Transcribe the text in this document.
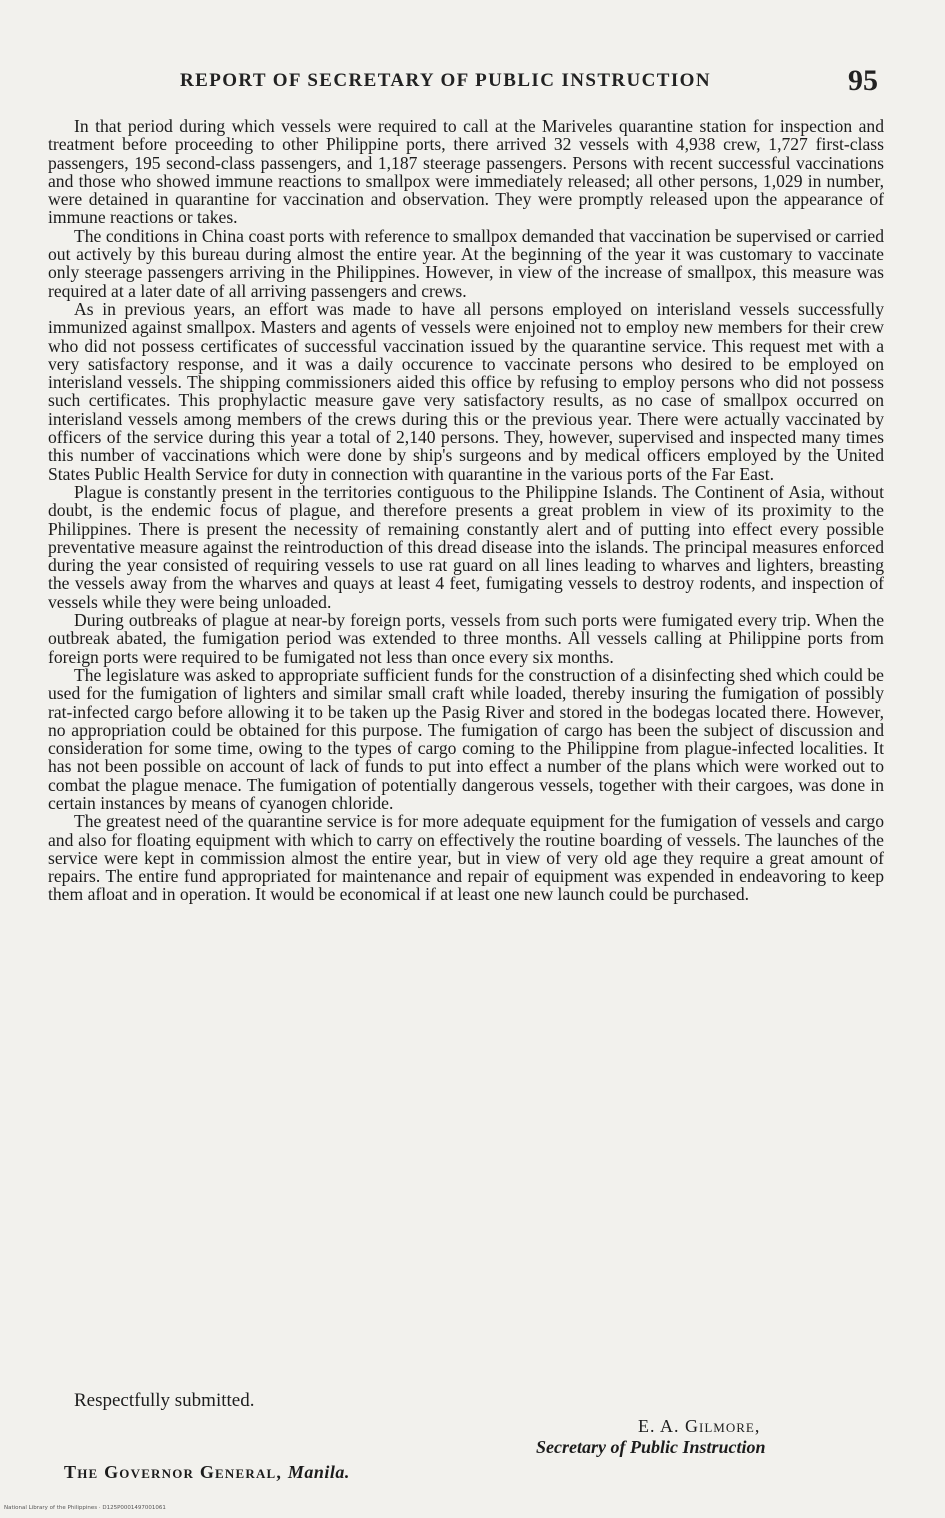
REPORT OF SECRETARY OF PUBLIC INSTRUCTION	95

In that period during which vessels were required to call at the Mariveles quarantine station for inspection and treatment before proceeding to other Philippine ports, there arrived 32 vessels with 4,938 crew, 1,727 first-class passengers, 195 second-class passengers, and 1,187 steerage passengers. Persons with recent successful vaccinations and those who showed immune reactions to smallpox were immediately released; all other persons, 1,029 in number, were detained in quarantine for vaccination and observation. They were promptly released upon the appearance of immune reactions or takes.

The conditions in China coast ports with reference to smallpox demanded that vaccination be supervised or carried out actively by this bureau during almost the entire year. At the beginning of the year it was customary to vaccinate only steerage passengers arriving in the Philippines. However, in view of the increase of smallpox, this measure was required at a later date of all arriving passengers and crews.

As in previous years, an effort was made to have all persons employed on interisland vessels successfully immunized against smallpox. Masters and agents of vessels were enjoined not to employ new members for their crew who did not possess certificates of successful vaccination issued by the quarantine service. This request met with a very satisfactory response, and it was a daily occurence to vaccinate persons who desired to be employed on interisland vessels. The shipping commissioners aided this office by refusing to employ persons who did not possess such certificates. This prophylactic measure gave very satisfactory results, as no case of smallpox occurred on interisland vessels among members of the crews during this or the previous year. There were actually vaccinated by officers of the service during this year a total of 2,140 persons. They, however, supervised and inspected many times this number of vaccinations which were done by ship's surgeons and by medical officers employed by the United States Public Health Service for duty in connection with quarantine in the various ports of the Far East.

Plague is constantly present in the territories contiguous to the Philippine Islands. The Continent of Asia, without doubt, is the endemic focus of plague, and therefore presents a great problem in view of its proximity to the Philippines. There is present the necessity of remaining constantly alert and of putting into effect every possible preventative measure against the reintroduction of this dread disease into the islands. The principal measures enforced during the year consisted of requiring vessels to use rat guard on all lines leading to wharves and lighters, breasting the vessels away from the wharves and quays at least 4 feet, fumigating vessels to destroy rodents, and inspection of vessels while they were being unloaded.

During outbreaks of plague at near-by foreign ports, vessels from such ports were fumigated every trip. When the outbreak abated, the fumigation period was extended to three months. All vessels calling at Philippine ports from foreign ports were required to be fumigated not less than once every six months.

The legislature was asked to appropriate sufficient funds for the construction of a disinfecting shed which could be used for the fumigation of lighters and similar small craft while loaded, thereby insuring the fumigation of possibly rat-infected cargo before allowing it to be taken up the Pasig River and stored in the bodegas located there. However, no appropriation could be obtained for this purpose. The fumigation of cargo has been the subject of discussion and consideration for some time, owing to the types of cargo coming to the Philippine from plague-infected localities. It has not been possible on account of lack of funds to put into effect a number of the plans which were worked out to combat the plague menace. The fumigation of potentially dangerous vessels, together with their cargoes, was done in certain instances by means of cyanogen chloride.

The greatest need of the quarantine service is for more adequate equipment for the fumigation of vessels and cargo and also for floating equipment with which to carry on effectively the routine boarding of vessels. The launches of the service were kept in commission almost the entire year, but in view of very old age they require a great amount of repairs. The entire fund appropriated for maintenance and repair of equipment was expended in endeavoring to keep them afloat and in operation. It would be economical if at least one new launch could be purchased.

Respectfully submitted.
E. A. Gilmore,
Secretary of Public Instruction
The Governor General, Manila.
National Library of the Philippines · D125P0001497001061
